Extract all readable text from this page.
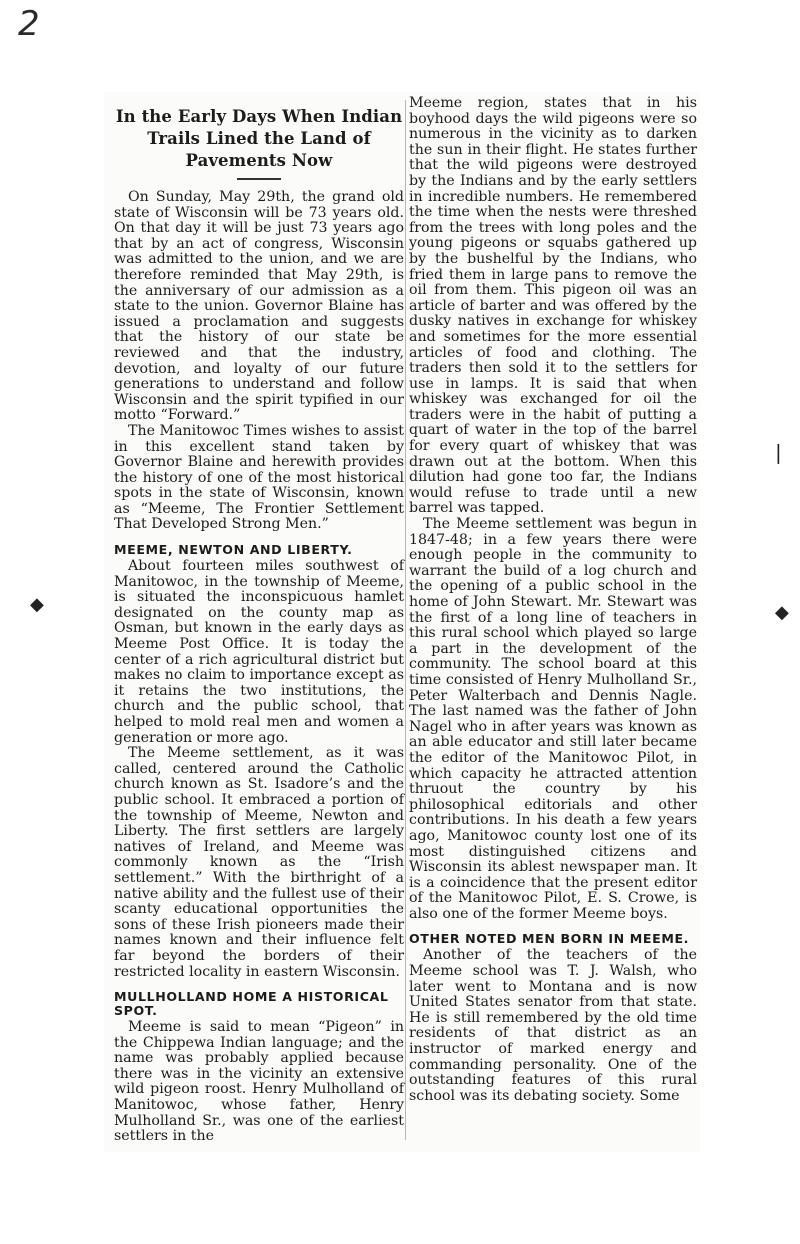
2
❘
◆	◆
In the Early Days When Indian Trails Lined the Land of Pavements Now

On Sunday, May 29th, the grand old state of Wisconsin will be 73 years old. On that day it will be just 73 years ago that by an act of congress, Wisconsin was admitted to the union, and we are therefore reminded that May 29th, is the anniversary of our admission as a state to the union. Governor Blaine has issued a proclamation and suggests that the history of our state be reviewed and that the industry, devotion, and loyalty of our future generations to understand and follow Wisconsin and the spirit typified in our motto “Forward.”

The Manitowoc Times wishes to assist in this excellent stand taken by Governor Blaine and herewith provides the history of one of the most historical spots in the state of Wisconsin, known as “Meeme, The Frontier Settlement That Developed Strong Men.”

MEEME, NEWTON AND LIBERTY.

About fourteen miles southwest of Manitowoc, in the township of Meeme, is situated the inconspicuous hamlet designated on the county map as Osman, but known in the early days as Meeme Post Office. It is today the center of a rich agricultural district but makes no claim to importance except as it retains the two institutions, the church and the public school, that helped to mold real men and women a generation or more ago.

The Meeme settlement, as it was called, centered around the Catholic church known as St. Isadore’s and the public school. It embraced a portion of the township of Meeme, Newton and Liberty. The first settlers are largely natives of Ireland, and Meeme was commonly known as the “Irish settlement.” With the birthright of a native ability and the fullest use of their scanty educational opportunities the sons of these Irish pioneers made their names known and their influence felt far beyond the borders of their restricted locality in eastern Wisconsin.

MULLHOLLAND HOME A HISTORICAL SPOT.

Meeme is said to mean “Pigeon” in the Chippewa Indian language; and the name was probably applied because there was in the vicinity an extensive wild pigeon roost. Henry Mulholland of Manitowoc, whose father, Henry Mulholland Sr., was one of the earliest settlers in the

Meeme region, states that in his boyhood days the wild pigeons were so numerous in the vicinity as to darken the sun in their flight. He states further that the wild pigeons were destroyed by the Indians and by the early settlers in incredible numbers. He remembered the time when the nests were threshed from the trees with long poles and the young pigeons or squabs gathered up by the bushelful by the Indians, who fried them in large pans to remove the oil from them. This pigeon oil was an article of barter and was offered by the dusky natives in exchange for whiskey and sometimes for the more essential articles of food and clothing. The traders then sold it to the settlers for use in lamps. It is said that when whiskey was exchanged for oil the traders were in the habit of putting a quart of water in the top of the barrel for every quart of whiskey that was drawn out at the bottom. When this dilution had gone too far, the Indians would refuse to trade until a new barrel was tapped.

The Meeme settlement was begun in 1847-48; in a few years there were enough people in the community to warrant the build of a log church and the opening of a public school in the home of John Stewart. Mr. Stewart was the first of a long line of teachers in this rural school which played so large a part in the development of the community. The school board at this time consisted of Henry Mulholland Sr., Peter Walterbach and Dennis Nagle. The last named was the father of John Nagel who in after years was known as an able educator and still later became the editor of the Manitowoc Pilot, in which capacity he attracted attention thruout the country by his philosophical editorials and other contributions. In his death a few years ago, Manitowoc county lost one of its most distinguished citizens and Wisconsin its ablest newspaper man. It is a coincidence that the present editor of the Manitowoc Pilot, E. S. Crowe, is also one of the former Meeme boys.

OTHER NOTED MEN BORN IN MEEME.

Another of the teachers of the Meeme school was T. J. Walsh, who later went to Montana and is now United States senator from that state. He is still remembered by the old time residents of that district as an instructor of marked energy and commanding personality. One of the outstanding features of this rural school was its debating society. Some
